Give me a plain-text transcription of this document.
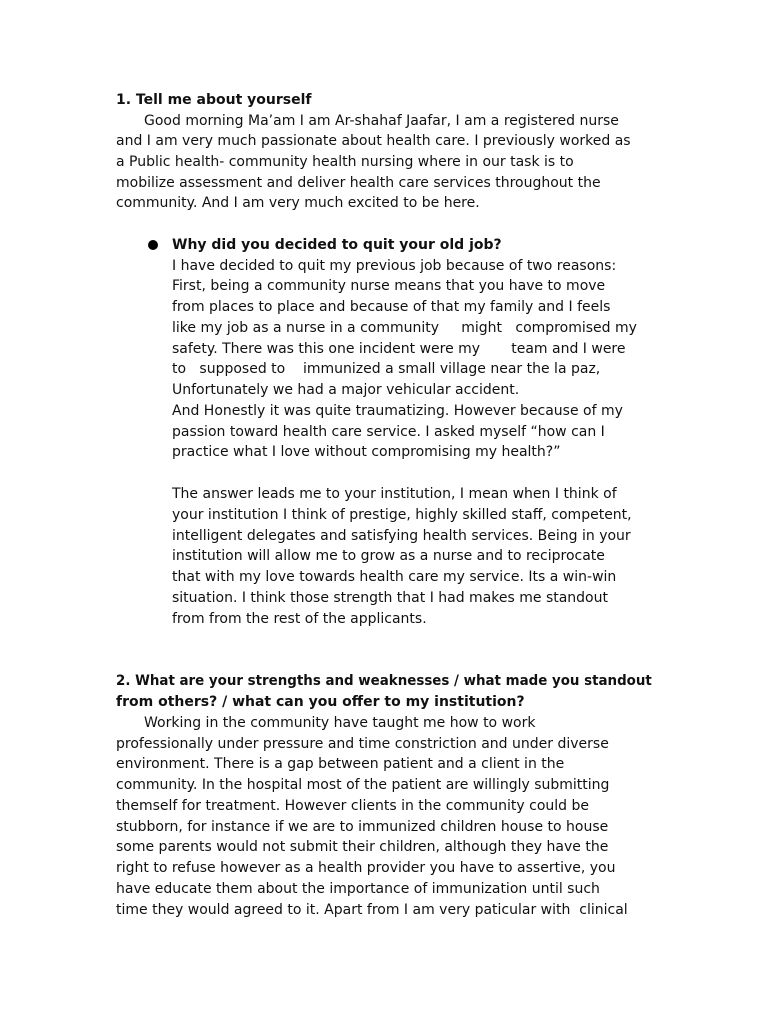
1. Tell me about yourself
Good morning Ma’am I am Ar-shahaf Jaafar, I am a registered nurse
and I am very much passionate about health care. I previously worked as
a Public health- community health nursing where in our task is to
mobilize assessment and deliver health care services throughout the
community. And I am very much excited to be here.
Why did you decided to quit your old job?
I have decided to quit my previous job because of two reasons:
First, being a community nurse means that you have to move
from places to place and because of that my family and I feels
like my job as a nurse in a community     might   compromised my
safety. There was this one incident were my       team and I were
to   supposed to    immunized a small village near the la paz,
Unfortunately we had a major vehicular accident.
And Honestly it was quite traumatizing. However because of my
passion toward health care service. I asked myself “how can I
practice what I love without compromising my health?”
The answer leads me to your institution, I mean when I think of
your institution I think of prestige, highly skilled staff, competent,
intelligent delegates and satisfying health services. Being in your
institution will allow me to grow as a nurse and to reciprocate
that with my love towards health care my service. Its a win-win
situation. I think those strength that I had makes me standout
from from the rest of the applicants.
2. What are your strengths and weaknesses / what made you standout
from others? / what can you offer to my institution?
Working in the community have taught me how to work
professionally under pressure and time constriction and under diverse
environment. There is a gap between patient and a client in the
community. In the hospital most of the patient are willingly submitting
themself for treatment. However clients in the community could be
stubborn, for instance if we are to immunized children house to house
some parents would not submit their children, although they have the
right to refuse however as a health provider you have to assertive, you
have educate them about the importance of immunization until such
time they would agreed to it. Apart from I am very paticular with  clinical
